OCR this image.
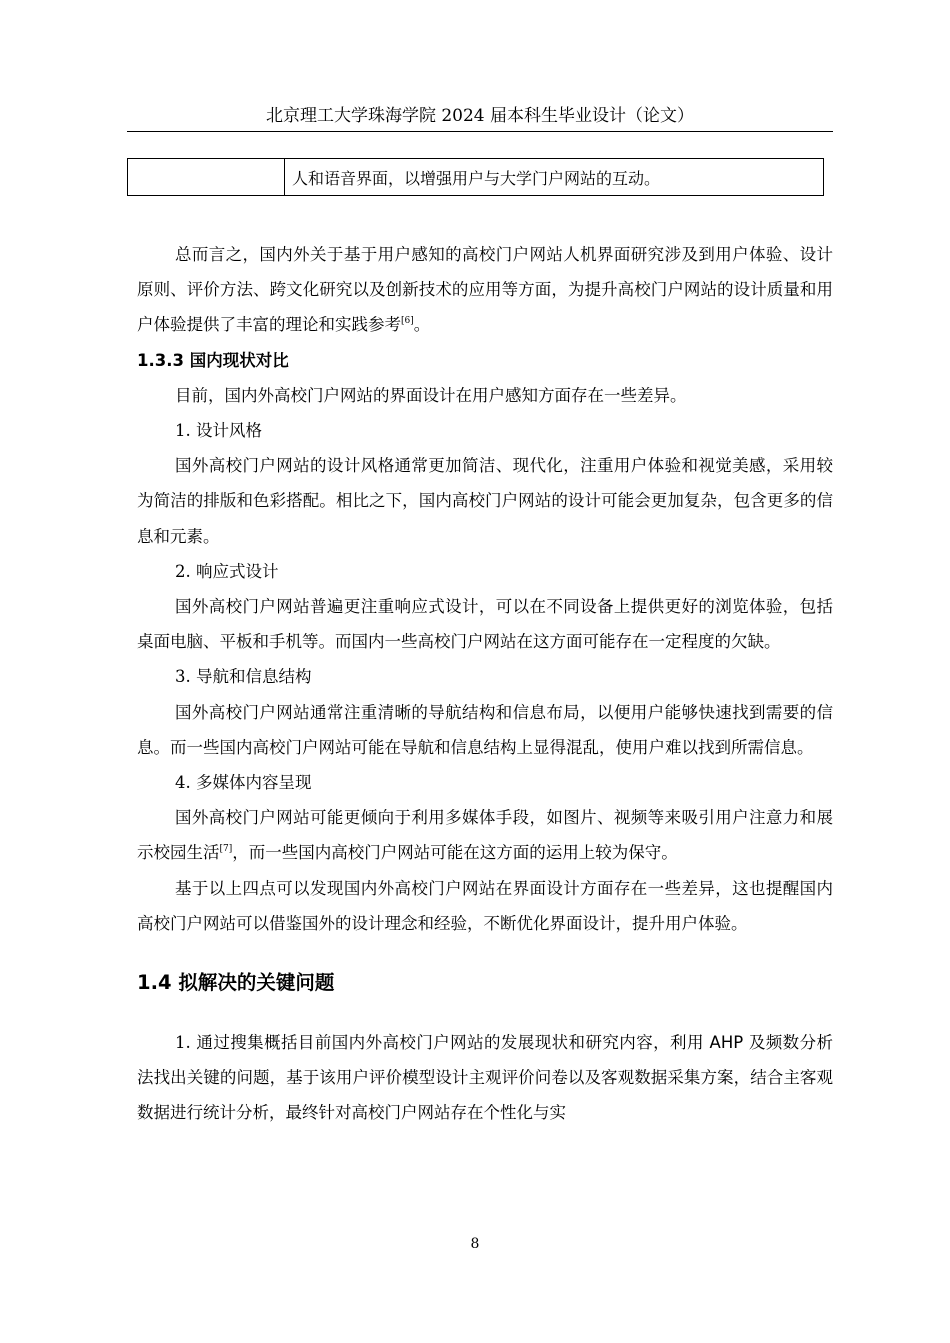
北京理工大学珠海学院 2024 届本科生毕业设计（论文）
	人和语音界面，以增强用户与大学门户网站的互动。

总而言之，国内外关于基于用户感知的高校门户网站人机界面研究涉及到用户体验、设计原则、评价方法、跨文化研究以及创新技术的应用等方面，为提升高校门户网站的设计质量和用户体验提供了丰富的理论和实践参考[6]。

1.3.3 国内现状对比

目前，国内外高校门户网站的界面设计在用户感知方面存在一些差异。

1. 设计风格

国外高校门户网站的设计风格通常更加简洁、现代化，注重用户体验和视觉美感，采用较为简洁的排版和色彩搭配。相比之下，国内高校门户网站的设计可能会更加复杂，包含更多的信息和元素。

2. 响应式设计

国外高校门户网站普遍更注重响应式设计，可以在不同设备上提供更好的浏览体验，包括桌面电脑、平板和手机等。而国内一些高校门户网站在这方面可能存在一定程度的欠缺。

3. 导航和信息结构

国外高校门户网站通常注重清晰的导航结构和信息布局，以便用户能够快速找到需要的信息。而一些国内高校门户网站可能在导航和信息结构上显得混乱，使用户难以找到所需信息。

4. 多媒体内容呈现

国外高校门户网站可能更倾向于利用多媒体手段，如图片、视频等来吸引用户注意力和展示校园生活[7]，而一些国内高校门户网站可能在这方面的运用上较为保守。

基于以上四点可以发现国内外高校门户网站在界面设计方面存在一些差异，这也提醒国内高校门户网站可以借鉴国外的设计理念和经验，不断优化界面设计，提升用户体验。

1.4 拟解决的关键问题

1. 通过搜集概括目前国内外高校门户网站的发展现状和研究内容，利用 AHP 及频数分析法找出关键的问题，基于该用户评价模型设计主观评价问卷以及客观数据采集方案，结合主客观数据进行统计分析，最终针对高校门户网站存在个性化与实

8
